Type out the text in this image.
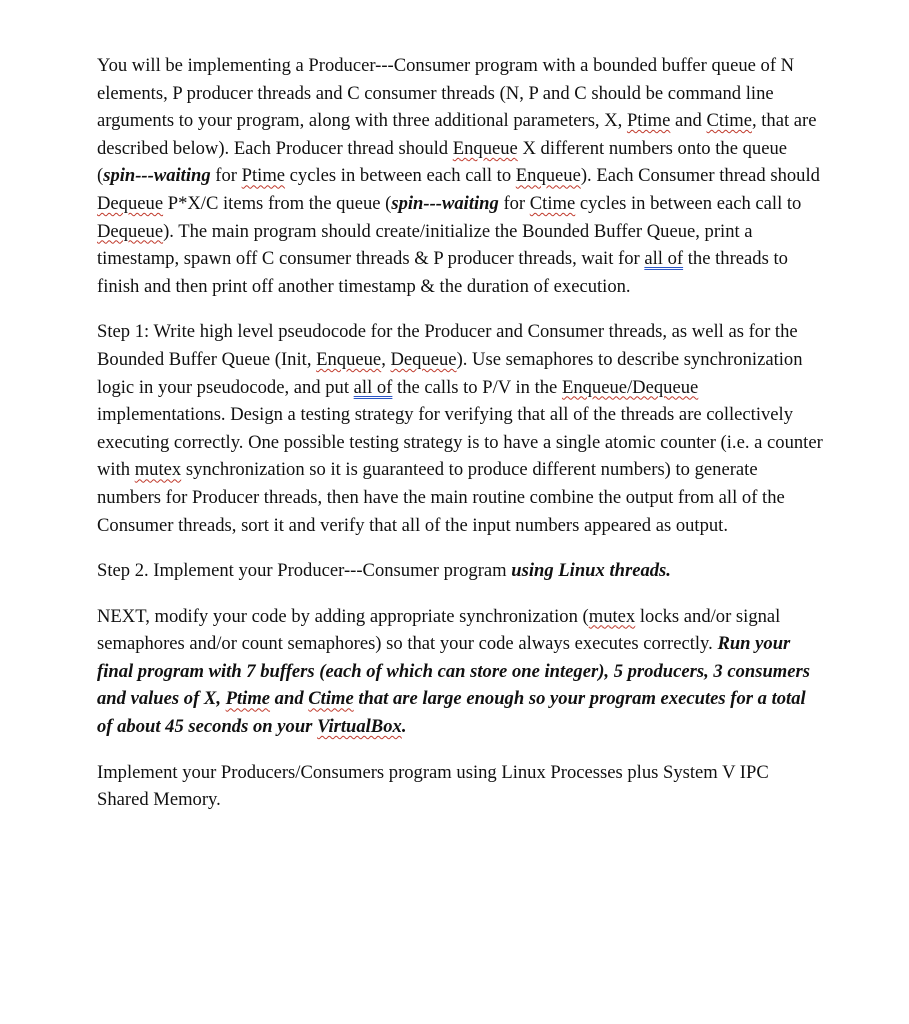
You will be implementing a Producer---Consumer program with a bounded buffer queue of N elements, P producer threads and C consumer threads (N, P and C should be command line arguments to your program, along with three additional parameters, X, Ptime and Ctime, that are described below). Each Producer thread should Enqueue X different numbers onto the queue (spin---waiting for Ptime cycles in between each call to Enqueue). Each Consumer thread should Dequeue P*X/C items from the queue (spin---waiting for Ctime cycles in between each call to Dequeue). The main program should create/initialize the Bounded Buffer Queue, print a timestamp, spawn off C consumer threads & P producer threads, wait for all of the threads to finish and then print off another timestamp & the duration of execution.

Step 1: Write high level pseudocode for the Producer and Consumer threads, as well as for the Bounded Buffer Queue (Init, Enqueue, Dequeue). Use semaphores to describe synchronization logic in your pseudocode, and put all of the calls to P/V in the Enqueue/Dequeue implementations. Design a testing strategy for verifying that all of the threads are collectively executing correctly. One possible testing strategy is to have a single atomic counter (i.e. a counter with mutex synchronization so it is guaranteed to produce different numbers) to generate numbers for Producer threads, then have the main routine combine the output from all of the Consumer threads, sort it and verify that all of the input numbers appeared as output.

Step 2. Implement your Producer---Consumer program using Linux threads.

NEXT, modify your code by adding appropriate synchronization (mutex locks and/or signal semaphores and/or count semaphores) so that your code always executes correctly. Run your final program with 7 buffers (each of which can store one integer), 5 producers, 3 consumers and values of X, Ptime and Ctime that are large enough so your program executes for a total of about 45 seconds on your VirtualBox.

Implement your Producers/Consumers program using Linux Processes plus System V IPC Shared Memory.
